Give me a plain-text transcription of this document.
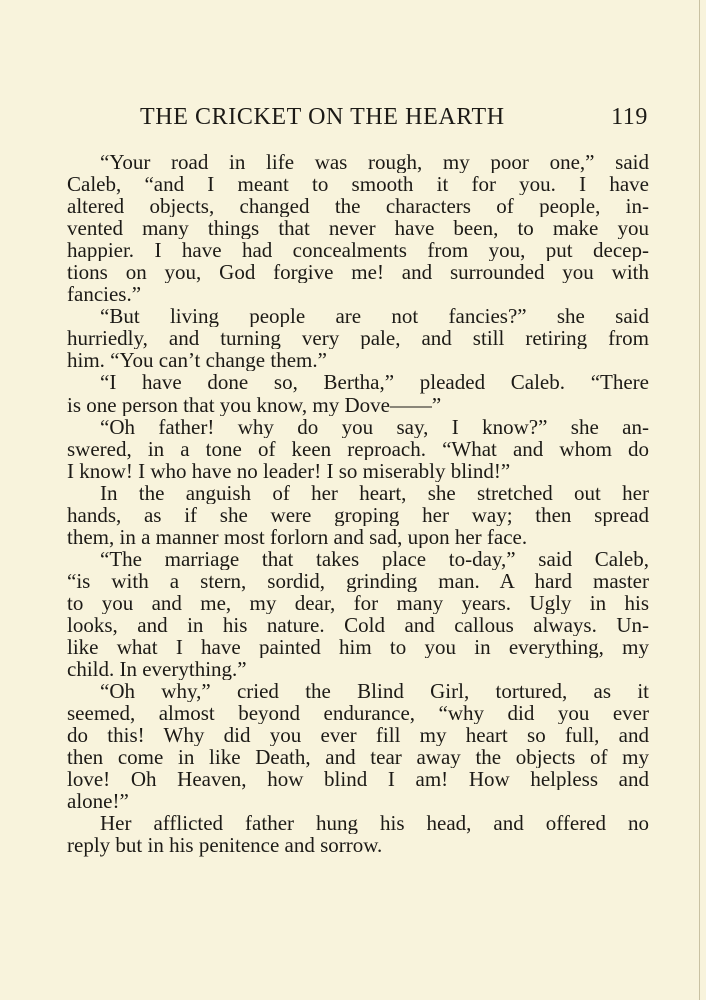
THE CRICKET ON THE HEARTH	119
“Your road in life was rough, my poor one,” said
Caleb, “and I meant to smooth it for you. I have
altered objects, changed the characters of people, in-
vented many things that never have been, to make you
happier. I have had concealments from you, put decep-
tions on you, God forgive me! and surrounded you with
fancies.”
“But living people are not fancies?” she said
hurriedly, and turning very pale, and still retiring from
him. “You can’t change them.”
“I have done so, Bertha,” pleaded Caleb. “There
is one person that you know, my Dove——”
“Oh father! why do you say, I know?” she an-
swered, in a tone of keen reproach. “What and whom do
I know! I who have no leader! I so miserably blind!”
In the anguish of her heart, she stretched out her
hands, as if she were groping her way; then spread
them, in a manner most forlorn and sad, upon her face.
“The marriage that takes place to-day,” said Caleb,
“is with a stern, sordid, grinding man. A hard master
to you and me, my dear, for many years. Ugly in his
looks, and in his nature. Cold and callous always. Un-
like what I have painted him to you in everything, my
child. In everything.”
“Oh why,” cried the Blind Girl, tortured, as it
seemed, almost beyond endurance, “why did you ever
do this! Why did you ever fill my heart so full, and
then come in like Death, and tear away the objects of my
love! Oh Heaven, how blind I am! How helpless and
alone!”
Her afflicted father hung his head, and offered no
reply but in his penitence and sorrow.
